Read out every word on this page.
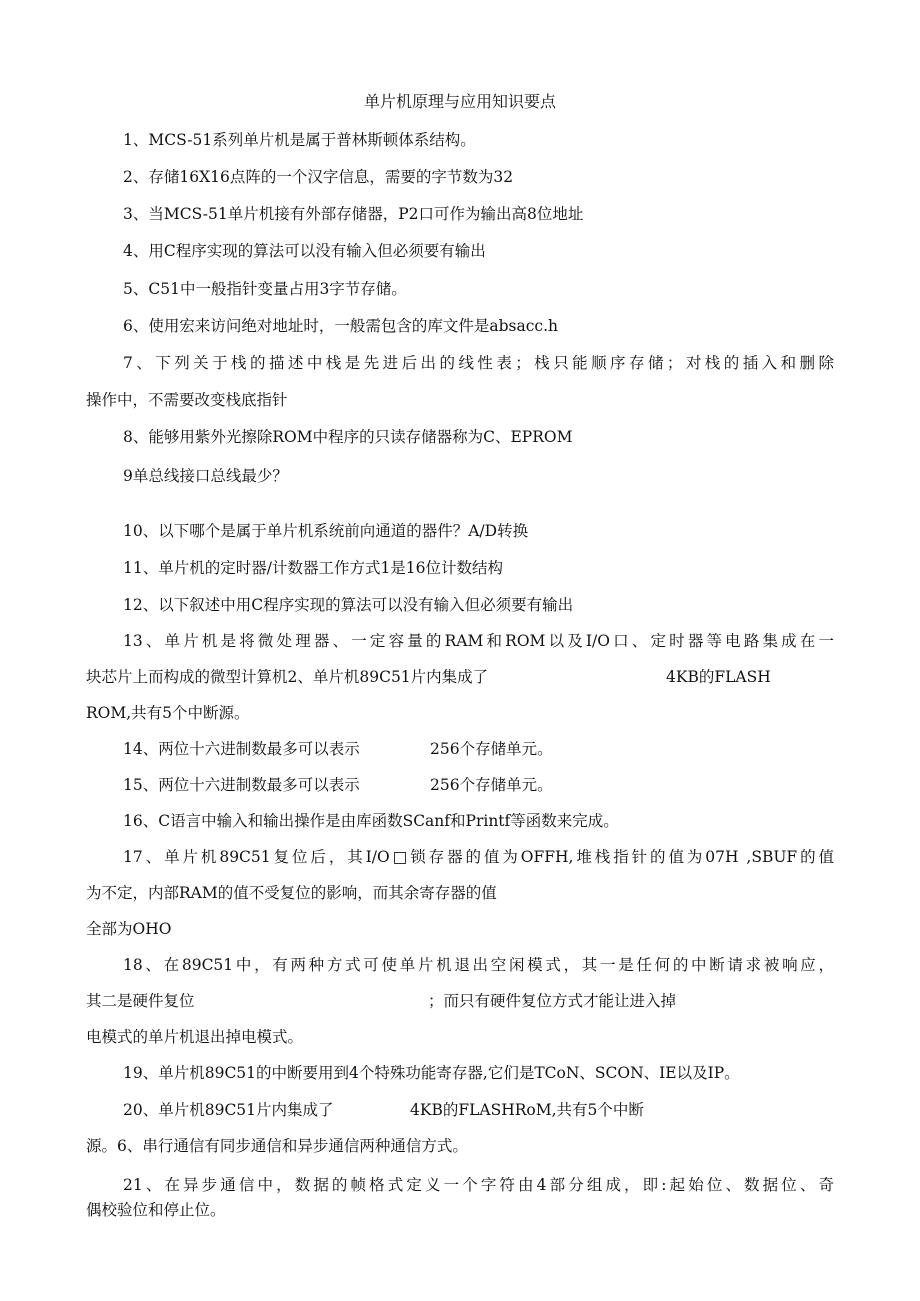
单片机原理与应用知识要点
1、MCS-51系列单片机是属于普林斯顿体系结构。
2、存储16X16点阵的一个汉字信息，需要的字节数为32
3、当MCS-51单片机接有外部存储器，P2口可作为输出高8位地址
4、用C程序实现的算法可以没有输入但必须要有输出
5、C51中一般指针变量占用3字节存储。
6、使用宏来访问绝对地址时，一般需包含的库文件是absacc.h
7、下列关于栈的描述中栈是先进后出的线性表；栈只能顺序存储；对栈的插入和删除
操作中，不需要改变栈底指针
8、能够用紫外光擦除ROM中程序的只读存储器称为C、EPROM
9单总线接口总线最少？
10、以下哪个是属于单片机系统前向通道的器件？A/D转换
11、单片机的定时器/计数器工作方式1是16位计数结构
12、以下叙述中用C程序实现的算法可以没有输入但必须要有输出
13、单片机是将微处理器、一定容量的RAM和ROM以及I/O口、定时器等电路集成在一
块芯片上而构成的微型计算机2、单片机89C51片内集成了	4KB的FLASH
ROM,共有5个中断源。
14、两位十六进制数最多可以表示	256个存储单元。
15、两位十六进制数最多可以表示	256个存储单元。
16、C语言中输入和输出操作是由库函数SCanf和Printf等函数来完成。
17、单片机89C51复位后，其I/O□锁存器的值为OFFH,堆栈指针的值为07H ,SBUF的值
为不定，内部RAM的值不受复位的影响，而其余寄存器的值
全部为OHO
18、在89C51中，有两种方式可使单片机退出空闲模式，其一是任何的中断请求被响应，
其二是硬件复位	；而只有硬件复位方式才能让进入掉
电模式的单片机退出掉电模式。
19、单片机89C51的中断要用到4个特殊功能寄存器,它们是TCoN、SCON、IE以及IP。
20、单片机89C51片内集成了	4KB的FLASHRoM,共有5个中断
源。6、串行通信有同步通信和异步通信两种通信方式。
21、在异步通信中，数据的帧格式定义一个字符由4部分组成，即:起始位、数据位、奇
偶校验位和停止位。
